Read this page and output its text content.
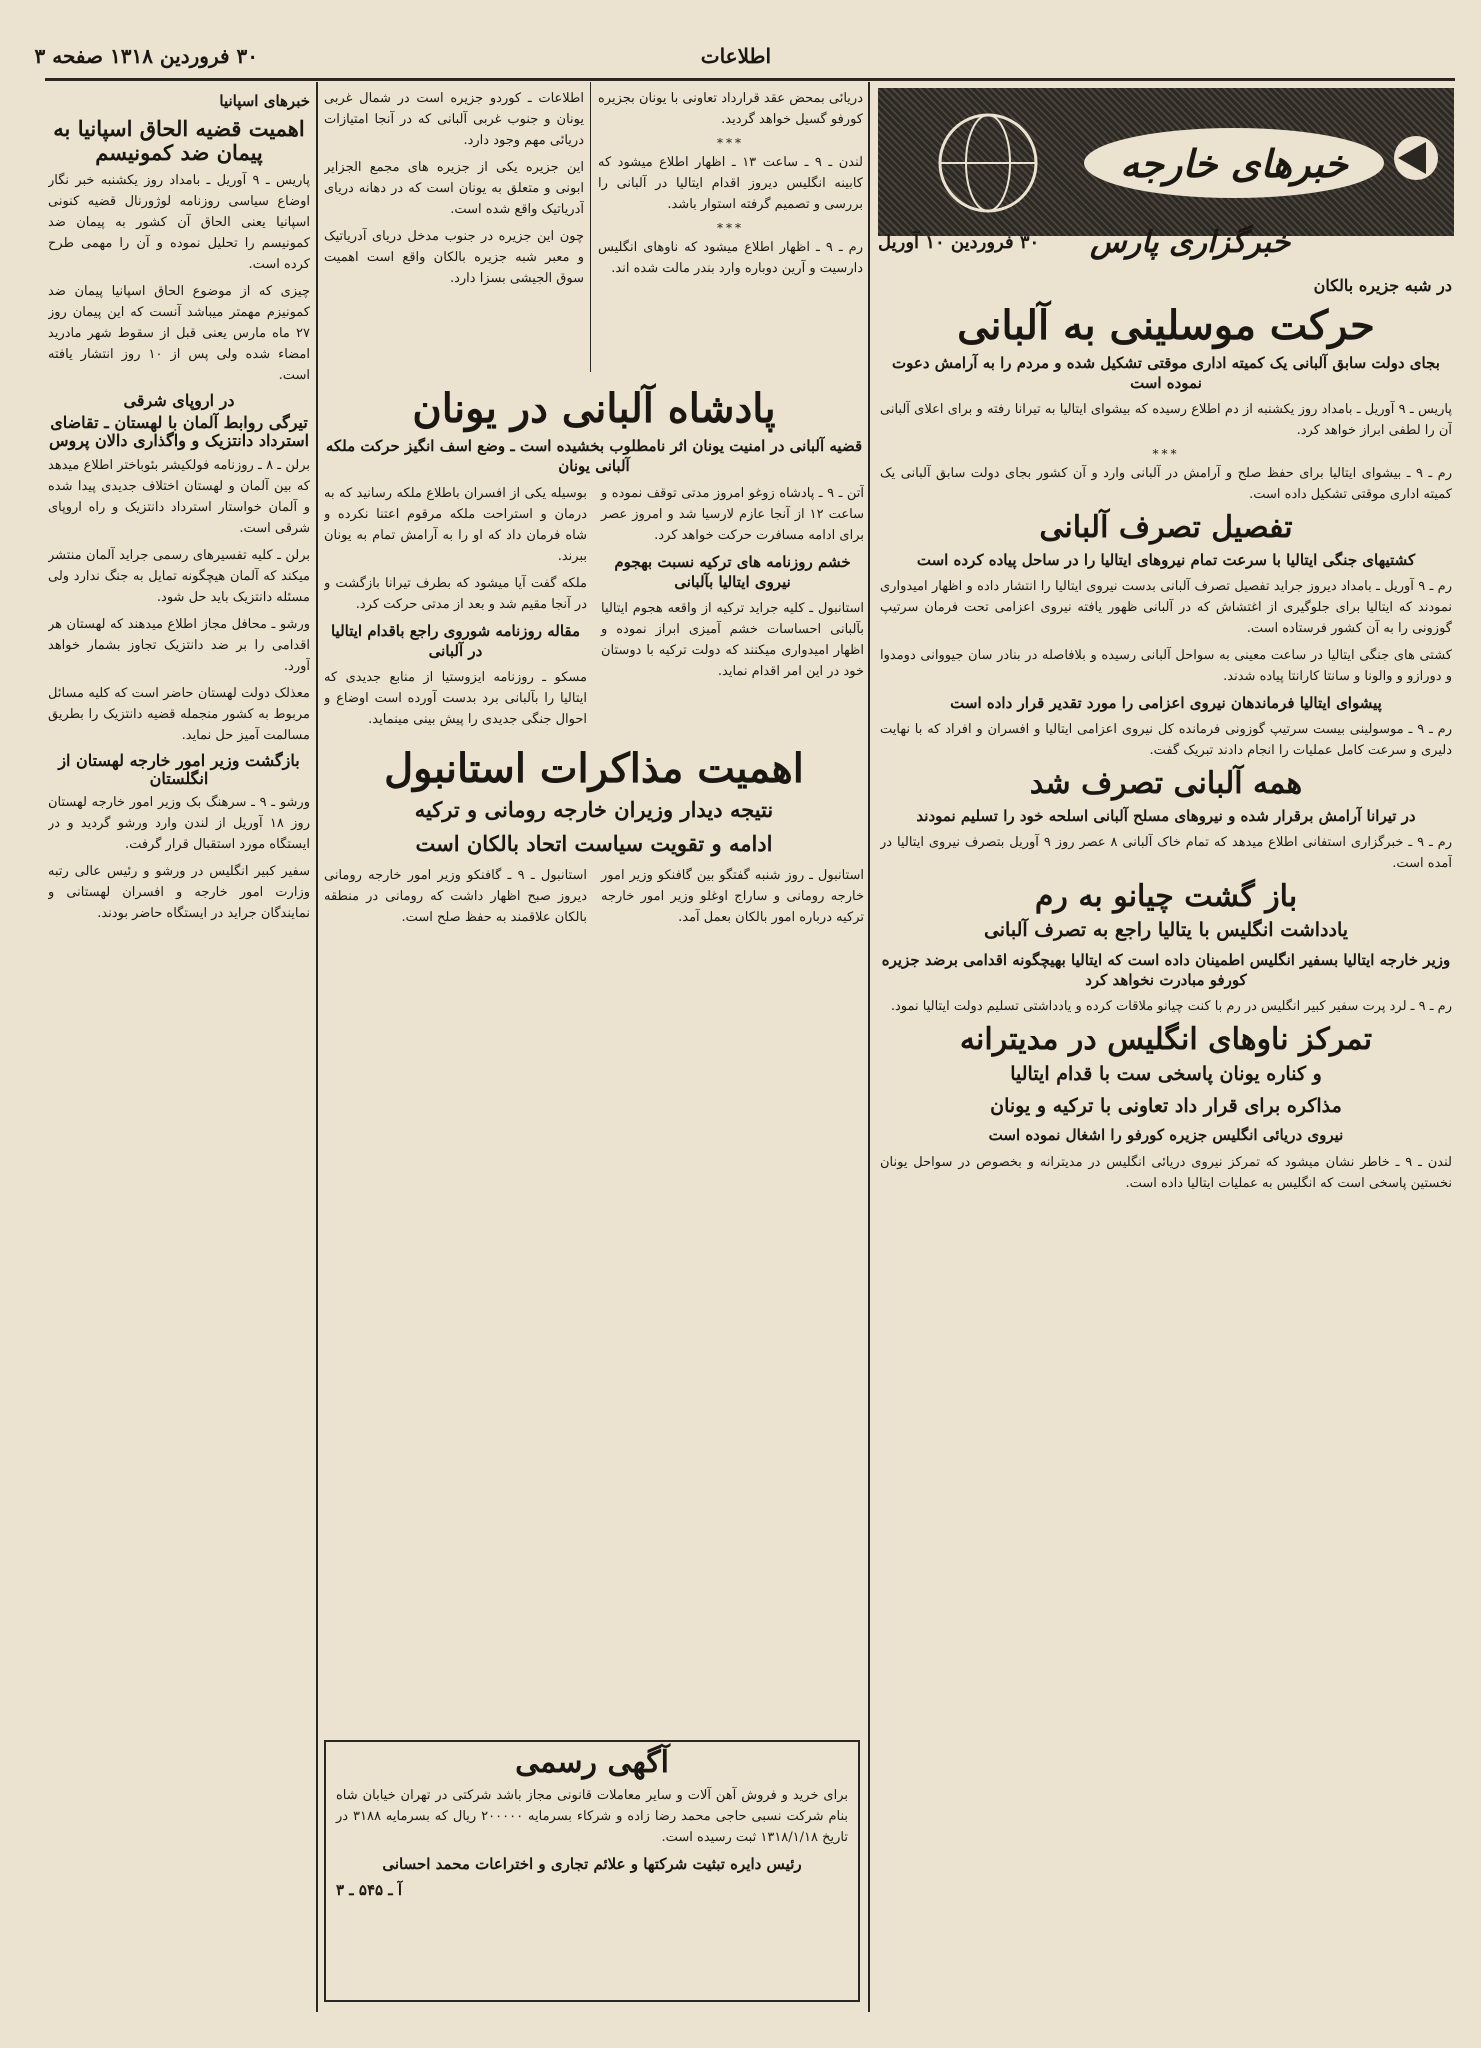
صفحه ۳	اطلاعات
۳۰ فروردین ۱۳۱۸
خبرهای خارجه
خبرگزاری پارس
۳۰ فروردین ۱۰ آوریل
در شبه جزیره بالکان
حرکت موسلینی به آلبانی
بجای دولت سابق آلبانی یک کمیته اداری موقتی تشکیل شده و مردم را به آرامش دعوت نموده است

پاریس ـ ۹ آوریل ـ بامداد روز یکشنبه از دم اطلاع رسیده که بیشوای ایتالیا به تیرانا رفته و برای اعلای آلبانی آن را لطفی ابراز خواهد کرد.

***

رم ـ ۹ ـ بیشوای ایتالیا برای حفظ صلح و آرامش در آلبانی وارد و آن کشور بجای دولت سابق آلبانی یک کمیته اداری موقتی تشکیل داده است.

تفصیل تصرف آلبانی
کشتیهای جنگی ایتالیا با سرعت تمام نیروهای ایتالیا را در ساحل پیاده کرده است

رم ـ ۹ آوریل ـ بامداد دیروز جراید تفصیل تصرف آلبانی بدست نیروی ایتالیا را انتشار داده و اظهار امیدواری نمودند که ایتالیا برای جلوگیری از اغتشاش که در آلبانی ظهور یافته نیروی اعزامی تحت فرمان سرتیپ گوزونی را به آن کشور فرستاده است.

کشتی های جنگی ایتالیا در ساعت معینی به سواحل آلبانی رسیده و بلافاصله در بنادر سان جیووانی دومدوا و دورازو و والونا و سانتا کارانتا پیاده شدند.

پیشوای ایتالیا فرماندهان نیروی اعزامی را مورد تقدیر قرار داده است

رم ـ ۹ ـ موسولینی بیست سرتیپ گوزونی فرمانده کل نیروی اعزامی ایتالیا و افسران و افراد که با نهایت دلیری و سرعت کامل عملیات را انجام دادند تبریک گفت.

همه آلبانی تصرف شد
در تیرانا آرامش برقرار شده و نیروهای مسلح آلبانی اسلحه خود را تسلیم نمودند

رم ـ ۹ ـ خبرگزاری استفانی اطلاع میدهد که تمام خاک آلبانی ۸ عصر روز ۹ آوریل بتصرف نیروی ایتالیا در آمده است.

باز گشت چیانو به رم
یادداشت انگلیس با یتالیا راجع به تصرف آلبانی
وزیر خارجه ایتالیا بسفیر انگلیس اطمینان داده است که ایتالیا بهیچگونه اقدامی برضد جزیره کورفو مبادرت نخواهد کرد

رم ـ ۹ ـ لرد پرت سفیر کبیر انگلیس در رم با کنت چیانو ملاقات کرده و یادداشتی تسلیم دولت ایتالیا نمود.

تمرکز ناوهای انگلیس در مدیترانه
و کناره یونان پاسخی ست با قدام ایتالیا
مذاکره برای قرار داد تعاونی با ترکیه و یونان
نیروی دریائی انگلیس جزیره کورفو را اشغال نموده است

لندن ـ ۹ ـ خاطر نشان میشود که تمرکز نیروی دریائی انگلیس در مدیترانه و بخصوص در سواحل یونان نخستین پاسخی است که انگلیس به عملیات ایتالیا داده است.

دریائی بمحض عقد قرارداد تعاونی با یونان بجزیره کورفو گسیل خواهد گردید.

***

لندن ـ ۹ ـ ساعت ۱۳ ـ اظهار اطلاع میشود که کابینه انگلیس دیروز اقدام ایتالیا در آلبانی را بررسی و تصمیم گرفته استوار باشد.

***

رم ـ ۹ ـ اظهار اطلاع میشود که ناوهای انگلیس دارسیت و آرین دوباره وارد بندر مالت شده اند.

اطلاعات ـ کوردو جزیره است در شمال غربی یونان و جنوب غربی آلبانی که در آنجا امتیازات دریائی مهم وجود دارد.

این جزیره یکی از جزیره های مجمع الجزایر ابونی و متعلق به یونان است که در دهانه دریای آدریاتیک واقع شده است.

چون این جزیره در جنوب مدخل دریای آدریاتیک و معبر شبه جزیره بالکان واقع است اهمیت سوق الجیشی بسزا دارد.

پادشاه آلبانی در یونان
قضیه آلبانی در امنیت یونان اثر نامطلوب بخشیده است ـ وضع اسف انگیز حرکت ملکه آلبانی یونان

آتن ـ ۹ ـ پادشاه زوغو امروز مدتی توقف نموده و ساعت ۱۲ از آنجا عازم لارسیا شد و امروز عصر برای ادامه مسافرت حرکت خواهد کرد.

خشم روزنامه های ترکیه نسبت بهجوم نیروی ایتالیا بآلبانی

استانبول ـ کلیه جراید ترکیه از واقعه هجوم ایتالیا بآلبانی احساسات خشم آمیزی ابراز نموده و اظهار امیدواری میکنند که دولت ترکیه با دوستان خود در این امر اقدام نماید.

بوسیله یکی از افسران باطلاع ملکه رسانید که به درمان و استراحت ملکه مرقوم اعتنا نکرده و شاه فرمان داد که او را به آرامش تمام به یونان ببرند.

ملکه گفت آیا میشود که بطرف تیرانا بازگشت و در آنجا مقیم شد و بعد از مدتی حرکت کرد.

مقاله روزنامه شوروی راجع باقدام ایتالیا در آلبانی

مسکو ـ روزنامه ایزوستیا از منابع جدیدی که ایتالیا را بآلبانی برد بدست آورده است اوضاع و احوال جنگی جدیدی را پیش بینی مینماید.

اهمیت مذاکرات استانبول
نتیجه دیدار وزیران خارجه رومانی و ترکیه
ادامه و تقویت سیاست اتحاد بالکان است

استانبول ـ روز شنبه گفتگو بین گافنکو وزیر امور خارجه رومانی و ساراج اوغلو وزیر امور خارجه ترکیه درباره امور بالکان بعمل آمد.

استانبول ـ ۹ ـ گافنکو وزیر امور خارجه رومانی دیروز صبح اظهار داشت که رومانی در منطقه بالکان علاقمند به حفظ صلح است.

آگهی رسمی

برای خرید و فروش آهن آلات و سایر معاملات قانونی مجاز باشد شرکتی در تهران خیابان شاه بنام شرکت نسبی حاجی محمد رضا زاده و شرکاء بسرمایه ۲۰۰۰۰۰ ریال که بسرمایه ۳۱۸۸ در تاریخ ۱۳۱۸/۱/۱۸ ثبت رسیده است.

رئیس دایره تبثیت شرکتها و علائم تجاری و اختراعات محمد احسانی
آ ـ ۵۴۵ ـ ۳
خبرهای اسپانیا
اهمیت قضیه الحاق اسپانیا به پیمان ضد کمونیسم

پاریس ـ ۹ آوریل ـ بامداد روز یکشنبه خبر نگار اوضاع سیاسی روزنامه لوژورنال قضیه کنونی اسپانیا یعنی الحاق آن کشور به پیمان ضد کمونیسم را تحلیل نموده و آن را مهمی طرح کرده است.

چیزی که از موضوع الحاق اسپانیا پیمان ضد کمونیزم مهمتر میباشد آنست که این پیمان روز ۲۷ ماه مارس یعنی قبل از سقوط شهر مادرید امضاء شده ولی پس از ۱۰ روز انتشار یافته است.

در اروپای شرقی
تیرگی روابط آلمان با لهستان ـ تقاضای استرداد دانتزیک و واگذاری دالان پروس

برلن ـ ۸ ـ روزنامه فولکیشر بئوباختر اطلاع میدهد که بین آلمان و لهستان اختلاف جدیدی پیدا شده و آلمان خواستار استرداد دانتزیک و راه اروپای شرقی است.

برلن ـ کلیه تفسیرهای رسمی جراید آلمان منتشر میکند که آلمان هیچگونه تمایل به جنگ ندارد ولی مسئله دانتزیک باید حل شود.

ورشو ـ محافل مجاز اطلاع میدهند که لهستان هر اقدامی را بر ضد دانتزیک تجاوز بشمار خواهد آورد.

معذلک دولت لهستان حاضر است که کلیه مسائل مربوط به کشور منجمله قضیه دانتزیک را بطریق مسالمت آمیز حل نماید.

بازگشت وزیر امور خارجه لهستان از انگلستان

ورشو ـ ۹ ـ سرهنگ بک وزیر امور خارجه لهستان روز ۱۸ آوریل از لندن وارد ورشو گردید و در ایستگاه مورد استقبال قرار گرفت.

سفیر کبیر انگلیس در ورشو و رئیس عالی رتبه وزارت امور خارجه و افسران لهستانی و نمایندگان جراید در ایستگاه حاضر بودند.
